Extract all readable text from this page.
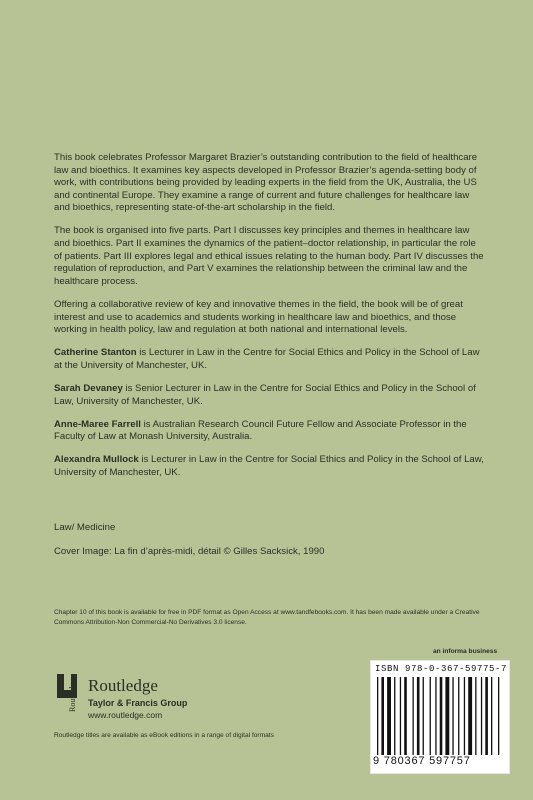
This book celebrates Professor Margaret Brazier’s outstanding contribution to the field of healthcare law and bioethics. It examines key aspects developed in Professor Brazier’s agenda-setting body of work, with contributions being provided by leading experts in the field from the UK, Australia, the US and continental Europe. They examine a range of current and future challenges for healthcare law and bioethics, representing state-of-the-art scholarship in the field.

The book is organised into five parts. Part I discusses key principles and themes in healthcare law and bioethics. Part II examines the dynamics of the patient–doctor relationship, in particular the role of patients. Part III explores legal and ethical issues relating to the human body. Part IV discusses the regulation of reproduction, and Part V examines the relationship between the criminal law and the healthcare process.

Offering a collaborative review of key and innovative themes in the field, the book will be of great interest and use to academics and students working in healthcare law and bioethics, and those working in health policy, law and regulation at both national and international levels.

Catherine Stanton is Lecturer in Law in the Centre for Social Ethics and Policy in the School of Law at the University of Manchester, UK.

Sarah Devaney is Senior Lecturer in Law in the Centre for Social Ethics and Policy in the School of Law, University of Manchester, UK.

Anne-Maree Farrell is Australian Research Council Future Fellow and Associate Professor in the Faculty of Law at Monash University, Australia.

Alexandra Mullock is Lecturer in Law in the Centre for Social Ethics and Policy in the School of Law, University of Manchester, UK.

Law/ Medicine
Cover Image: La fin d’après-midi, détail © Gilles Sacksick, 1990
Chapter 10 of this book is available for free in PDF format as Open Access at www.tandfebooks.com. It has been made available under a Creative Commons Attribution-Non Commercial-No Derivatives 3.0 license.
an informa business
ISBN 978-0-367-59775-7
9 780367 597757
Routledge Routledge
Taylor & Francis Group
www.routledge.com
Routledge titles are available as eBook editions in a range of digital formats
